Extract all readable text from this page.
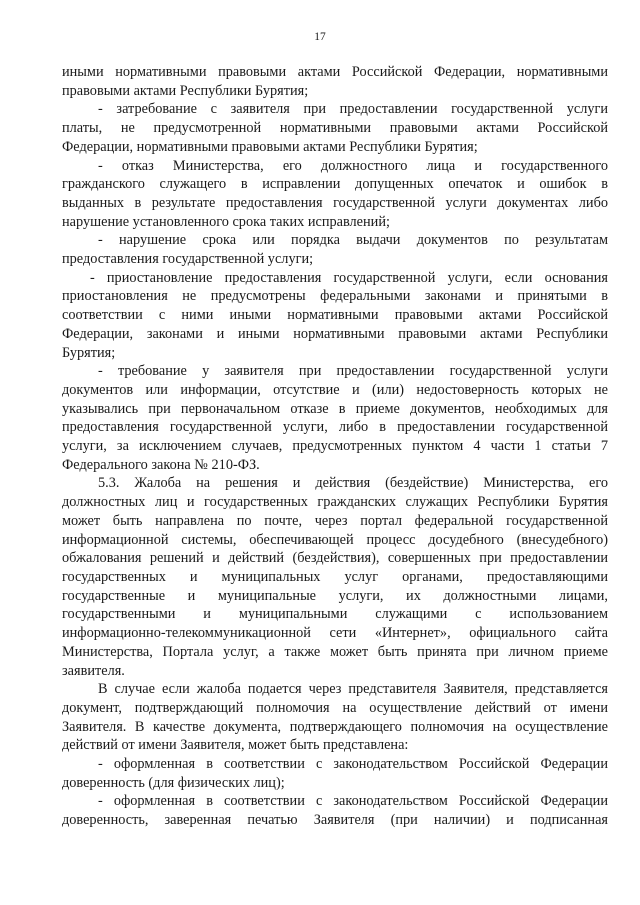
17
иными нормативными правовыми актами Российской Федерации, нормативными
правовыми актами Республики Бурятия;
- затребование с заявителя при предоставлении государственной услуги
платы, не предусмотренной нормативными правовыми актами Российской
Федерации, нормативными правовыми актами Республики Бурятия;
- отказ Министерства, его должностного лица и государственного
гражданского служащего в исправлении допущенных опечаток и ошибок в
выданных в результате предоставления государственной услуги документах либо
нарушение установленного срока таких исправлений;
- нарушение срока или порядка выдачи документов по результатам
предоставления государственной услуги;
- приостановление предоставления государственной услуги, если основания
приостановления не предусмотрены федеральными законами и принятыми в
соответствии с ними иными нормативными правовыми актами Российской
Федерации, законами и иными нормативными правовыми актами Республики
Бурятия;
- требование у заявителя при предоставлении государственной услуги
документов или информации, отсутствие и (или) недостоверность которых не
указывались при первоначальном отказе в приеме документов, необходимых для
предоставления государственной услуги, либо в предоставлении государственной
услуги, за исключением случаев, предусмотренных пунктом 4 части 1 статьи 7
Федерального закона № 210-ФЗ.
5.3. Жалоба на решения и действия (бездействие) Министерства, его
должностных лиц и государственных гражданских служащих Республики Бурятия
может быть направлена по почте, через портал федеральной государственной
информационной системы, обеспечивающей процесс досудебного (внесудебного)
обжалования решений и действий (бездействия), совершенных при предоставлении
государственных и муниципальных услуг органами, предоставляющими
государственные и муниципальные услуги, их должностными лицами,
государственными и муниципальными служащими с использованием
информационно-телекоммуникационной сети «Интернет», официального сайта
Министерства, Портала услуг, а также может быть принята при личном приеме
заявителя.
В случае если жалоба подается через представителя Заявителя, представляется
документ, подтверждающий полномочия на осуществление действий от имени
Заявителя. В качестве документа, подтверждающего полномочия на осуществление
действий от имени Заявителя, может быть представлена:
- оформленная в соответствии с законодательством Российской Федерации
доверенность (для физических лиц);
- оформленная в соответствии с законодательством Российской Федерации
доверенность, заверенная печатью Заявителя (при наличии) и подписанная
